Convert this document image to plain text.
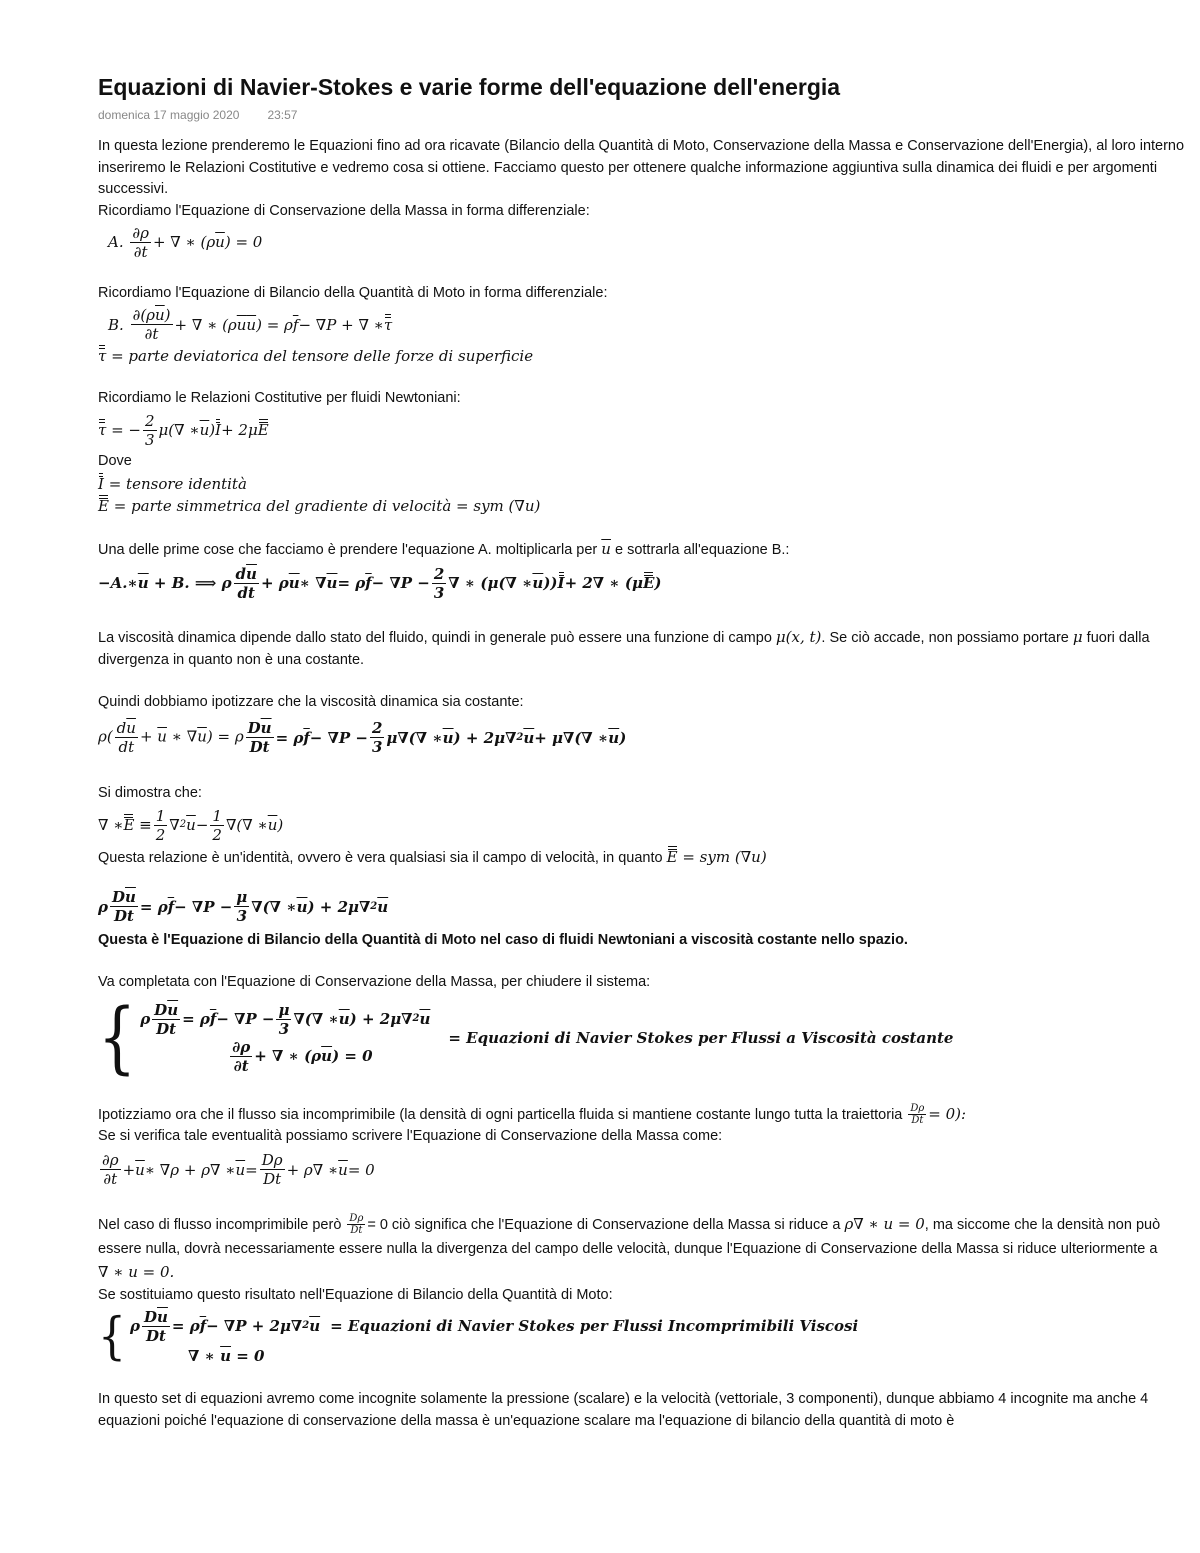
Equazioni di Navier-Stokes e varie forme dell'equazione dell'energia
domenica 17 maggio 2020 23:57

In questa lezione prenderemo le Equazioni fino ad ora ricavate (Bilancio della Quantità di Moto, Conservazione della Massa e Conservazione dell'Energia), al loro interno inseriremo le Relazioni Costitutive e vedremo cosa si ottiene. Facciamo questo per ottenere qualche informazione aggiuntiva sulla dinamica dei fluidi e per argomenti successivi.

Ricordiamo l'Equazione di Conservazione della Massa in forma differenziale:

A. $\frac{\partial\rho}{\partial t}$ + ∇ ∗ (ρ $\overline{u}$ ) = 0

Ricordiamo l'Equazione di Bilancio della Quantità di Moto in forma differenziale:

B. $\frac{\partial(\rho\overline{u})}{\partial t}$ + ∇ ∗ (ρ $\overline{u}$ $\overline{u}$ ) = ρ $\overline{f} - \nabla P$ + ∇ ∗ τ
τ = parte deviatorica del tensore delle forze di superficie

Ricordiamo le Relazioni Costitutive per fluidi Newtoniani:

τ = − $\frac{2}{3} \mu(\nabla$ ∗ $\overline{u}$ ) I + 2μ E

Dove

I = tensore identità
E = parte simmetrica del gradiente di velocità = sym (∇u)

Una delle prime cose che facciamo è prendere l'equazione A. moltiplicarla per $\overline{u}$ e sottrarla all'equazione B.:

−A.∗ $\overline{u} + B$. ⟹ ρ $\frac{d\overline{u}}{dt} + \rho$ $\overline{u}$ ∗ ∇ $\overline{u} = \rho$ $\overline{f} - \nabla P - \frac{2}{3}$ ∇ ∗ (μ(∇ ∗ $\overline{u}$ )) I + 2∇ ∗ (μ E )

La viscosità dinamica dipende dallo stato del fluido, quindi in generale può essere una funzione di campo μ(x, t). Se ciò accade, non possiamo portare μ fuori dalla divergenza in quanto non è una costante.

Quindi dobbiamo ipotizzare che la viscosità dinamica sia costante:

$\rho( \frac{d\overline{u}}{dt} + \overline{u}$ ∗ $\nabla\overline{u}) = \rho \frac{D\overline{u}}{Dt} = \rho$ $\overline{f} - \nabla P - \frac{2}{3} \mu\nabla(\nabla$ ∗ $\overline{u}$ ) + 2μ∇ 2 $\overline{u} + \mu\nabla(\nabla$ ∗ $\overline{u}$ )

Si dimostra che:

∇ ∗ $E \equiv \frac{1}{2}$ ∇ 2 $\overline{u} - \frac{1}{2}$ ∇(∇ ∗ $\overline{u}$ )

Questa relazione è un'identità, ovvero è vera qualsiasi sia il campo di velocità, in quanto E = sym (∇u)

ρ $\frac{D\overline{u}}{Dt} = \rho$ $\overline{f} - \nabla P - \frac{\mu}{3}$ ∇(∇ ∗ $\overline{u}$ ) + 2μ∇ 2 $\overline{u}$

Questa è l'Equazione di Bilancio della Quantità di Moto nel caso di fluidi Newtoniani a viscosità costante nello spazio.

Va completata con l'Equazione di Conservazione della Massa, per chiudere il sistema:

{ ρ $\frac{D\overline{u}}{Dt} = \rho$ $\overline{f} - \nabla P - \frac{\mu}{3}$ ∇(∇ ∗ $\overline{u}$ ) + 2μ∇ 2 $\overline{u}$
$\frac{\partial\rho}{\partial t}$ + ∇ ∗ (ρ $\overline{u}$ ) = 0
= Equazioni di Navier Stokes per Flussi a Viscosità costante

Ipotizziamo ora che il flusso sia incomprimibile (la densità di ogni particella fluida si mantiene costante lungo tutta la traiettoria $\frac{D\rho}{Dt} = 0$):

Se si verifica tale eventualità possiamo scrivere l'Equazione di Conservazione della Massa come:

$\frac{\partial\rho}{\partial t} + \overline{u}$ ∗ ∇ρ + ρ∇ ∗ $\overline{u} = \frac{D\rho}{Dt} + \rho\nabla$ ∗ $\overline{u} = 0$

Nel caso di flusso incomprimibile però $\frac{D\rho}{Dt} = 0$ ciò significa che l'Equazione di Conservazione della Massa si riduce a ρ∇ ∗ u = 0, ma siccome che la densità non può essere nulla, dovrà necessariamente essere nulla la divergenza del campo delle velocità, dunque l'Equazione di Conservazione della Massa si riduce ulteriormente a ∇ ∗ u = 0.

Se sostituiamo questo risultato nell'Equazione di Bilancio della Quantità di Moto:

{ ρ $\frac{D\overline{u}}{Dt} = \rho$ $\overline{f} - \nabla P + 2\mu\nabla$ 2 $\overline{u}$ = Equazioni di Navier Stokes per Flussi Incomprimibili Viscosi
∇ ∗ $\overline{u} = 0$

In questo set di equazioni avremo come incognite solamente la pressione (scalare) e la velocità (vettoriale, 3 componenti), dunque abbiamo 4 incognite ma anche 4 equazioni poiché l'equazione di conservazione della massa è un'equazione scalare ma l'equazione di bilancio della quantità di moto è
